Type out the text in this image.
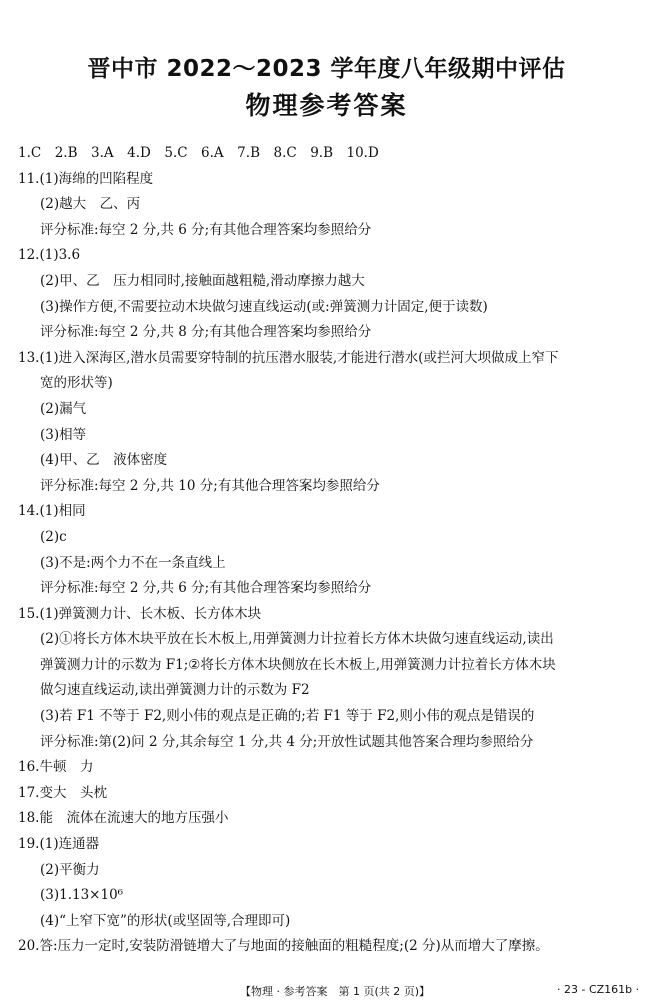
晋中市 2022～2023 学年度八年级期中评估
物理参考答案
1.C　2.B　3.A　4.D　5.C　6.A　7.B　8.C　9.B　10.D
11.(1)海绵的凹陷程度
(2)越大　乙、丙
评分标准:每空 2 分,共 6 分;有其他合理答案均参照给分
12.(1)3.6
(2)甲、乙　压力相同时,接触面越粗糙,滑动摩擦力越大
(3)操作方便,不需要拉动木块做匀速直线运动(或:弹簧测力计固定,便于读数)
评分标准:每空 2 分,共 8 分;有其他合理答案均参照给分
13.(1)进入深海区,潜水员需要穿特制的抗压潜水服装,才能进行潜水(或拦河大坝做成上窄下
宽的形状等)
(2)漏气
(3)相等
(4)甲、乙　液体密度
评分标准:每空 2 分,共 10 分;有其他合理答案均参照给分
14.(1)相同
(2)c
(3)不是:两个力不在一条直线上
评分标准:每空 2 分,共 6 分;有其他合理答案均参照给分
15.(1)弹簧测力计、长木板、长方体木块
(2)①将长方体木块平放在长木板上,用弹簧测力计拉着长方体木块做匀速直线运动,读出
弹簧测力计的示数为 F1;②将长方体木块侧放在长木板上,用弹簧测力计拉着长方体木块
做匀速直线运动,读出弹簧测力计的示数为 F2
(3)若 F1 不等于 F2,则小伟的观点是正确的;若 F1 等于 F2,则小伟的观点是错误的
评分标准:第(2)问 2 分,其余每空 1 分,共 4 分;开放性试题其他答案合理均参照给分
16.牛顿　力
17.变大　头枕
18.能　流体在流速大的地方压强小
19.(1)连通器
(2)平衡力
(3)1.13×10⁶
(4)“上窄下宽”的形状(或坚固等,合理即可)
20.答:压力一定时,安装防滑链增大了与地面的接触面的粗糙程度;(2 分)从而增大了摩擦。
【物理 · 参考答案　第 1 页(共 2 页)】	· 23 - CZ161b ·
